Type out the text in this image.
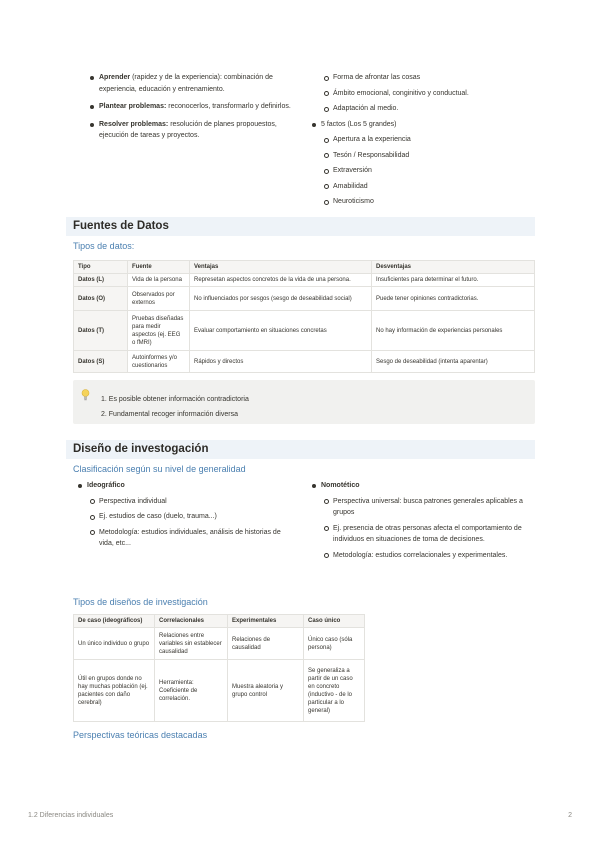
Aprender (rapidez y de la experiencia): combinación de experiencia, educación y entrenamiento.
Plantear problemas: reconocerlos, transformarlo y definirlos.
Resolver problemas: resolución de planes propouestos, ejecución de tareas y proyectos.
Forma de afrontar las cosas
Ámbito emocional, conginitivo y conductual.
Adaptación al medio.
5 factos (Los 5 grandes)
Apertura a la experiencia
Tesón / Responsabilidad
Extraversión
Amabilidad
Neuroticismo
Fuentes de Datos
Tipos de datos:
Tipo	Fuente	Ventajas	Desventajas
Datos (L)	Vida de la persona	Represetan aspectos concretos de la vida de una persona.	Insuficientes para determinar el futuro.
Datos (O)	Observados por externos	No influenciados por sesgos (sesgo de deseabilidad social)	Puede tener opiniones contradictorias.
Datos (T)	Pruebas diseñadas para medir aspectos (ej. EEG o fMRI)	Evaluar comportamiento en situaciones concretas	No hay información de experiencias personales
Datos (S)	Autoinformes y/o cuestionarios	Rápidos y directos	Sesgo de deseabilidad (intenta aparentar)
1. Es posible obtener información contradictoria
2. Fundamental recoger información diversa
Diseño de investogación
Clasificación según su nivel de generalidad
Ideográfico
Perspectiva individual
Ej. estudios de caso (duelo, trauma...)
Metodología: estudios individuales, análisis de historias de vida, etc...
Nomotético
Perspectiva universal: busca patrones generales aplicables a grupos
Ej. presencia de otras personas afecta el comportamiento de individuos en situaciones de toma de decisiones.
Metodología: estudios correlacionales y experimentales.
Tipos de diseños de investigación
De caso (ideográficos)	Correlacionales	Experimentales	Caso único
Un único individuo o grupo	Relaciones entre variables sin establecer causalidad	Relaciones de causalidad	Único caso (sóla persona)
Útil en grupos donde no hay muchas población (ej. pacientes con daño cerebral)	Herramienta: Coeficiente de correlación.	Muestra aleatoria y grupo control	Se generaliza a partir de un caso en concreto (inductivo - de lo particular a lo general)
Perspectivas teóricas destacadas
1.2 Diferencias individuales	2
